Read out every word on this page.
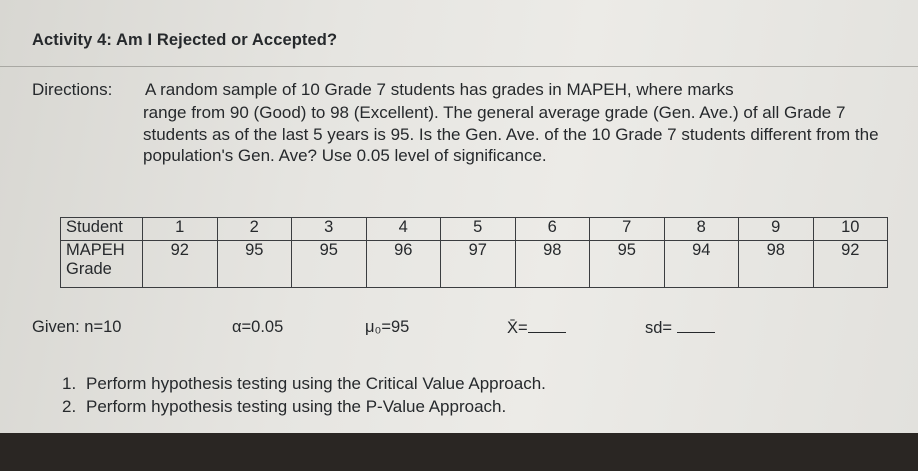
Activity 4: Am I Rejected or Accepted?
Directions: A random sample of 10 Grade 7 students has grades in MAPEH, where marks
range from 90 (Good) to 98 (Excellent). The general average grade (Gen. Ave.) of all Grade 7 students as of the last 5 years is 95. Is the Gen. Ave. of the 10 Grade 7 students different from the population's Gen. Ave? Use 0.05 level of significance.
Student	1	2	3	4	5	6	7	8	9	10
MAPEH Grade	92	95	95	96	97	98	95	94	98	92
Given: n=10	α=0.05	μ₀=95	X̄=	sd=
1. Perform hypothesis testing using the Critical Value Approach.
2. Perform hypothesis testing using the P-Value Approach.
